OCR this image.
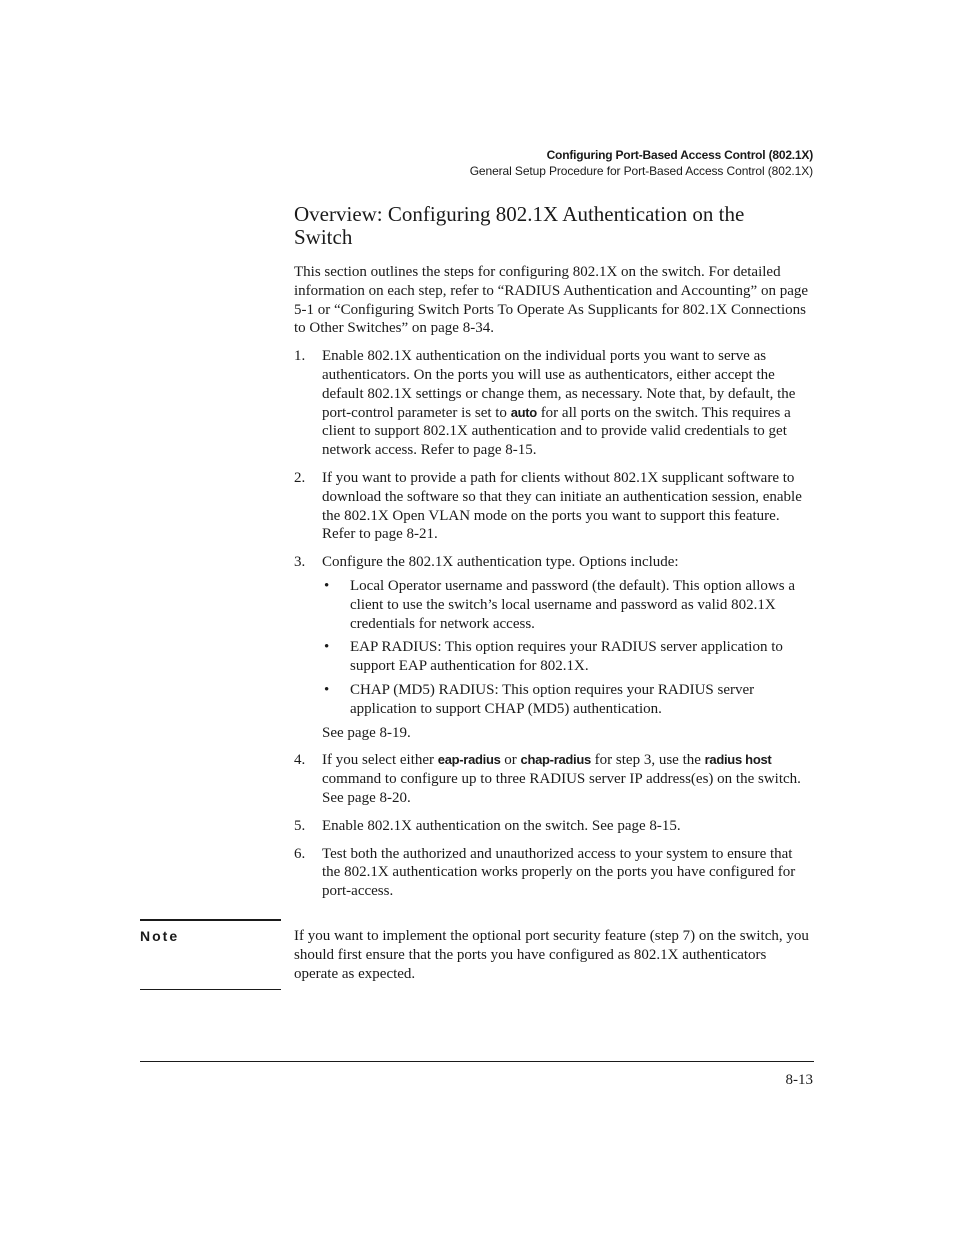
Configuring Port-Based Access Control (802.1X)
General Setup Procedure for Port-Based Access Control (802.1X)
Overview: Configuring 802.1X Authentication on the Switch

This section outlines the steps for configuring 802.1X on the switch. For detailed information on each step, refer to “RADIUS Authentication and Accounting” on page 5-1 or “Configuring Switch Ports To Operate As Supplicants for 802.1X Connections to Other Switches” on page 8-34.

1. Enable 802.1X authentication on the individual ports you want to serve as authenticators. On the ports you will use as authenticators, either accept the default 802.1X settings or change them, as necessary. Note that, by default, the port-control parameter is set to auto for all ports on the switch. This requires a client to support 802.1X authentication and to provide valid credentials to get network access. Refer to page 8-15.
2. If you want to provide a path for clients without 802.1X supplicant software to download the software so that they can initiate an authentication session, enable the 802.1X Open VLAN mode on the ports you want to support this feature. Refer to page 8-21.
3. Configure the 802.1X authentication type. Options include:
• Local Operator username and password (the default). This option allows a client to use the switch’s local username and password as valid 802.1X credentials for network access.
• EAP RADIUS: This option requires your RADIUS server application to support EAP authentication for 802.1X.
• CHAP (MD5) RADIUS: This option requires your RADIUS server application to support CHAP (MD5) authentication.
See page 8-19.
4. If you select either eap-radius or chap-radius for step 3, use the radius host command to configure up to three RADIUS server IP address(es) on the switch. See page 8-20.
5. Enable 802.1X authentication on the switch. See page 8-15.
6. Test both the authorized and unauthorized access to your system to ensure that the 802.1X authentication works properly on the ports you have configured for port-access.
Note	If you want to implement the optional port security feature (step 7) on the switch, you should first ensure that the ports you have configured as 802.1X authenticators operate as expected.
8-13
